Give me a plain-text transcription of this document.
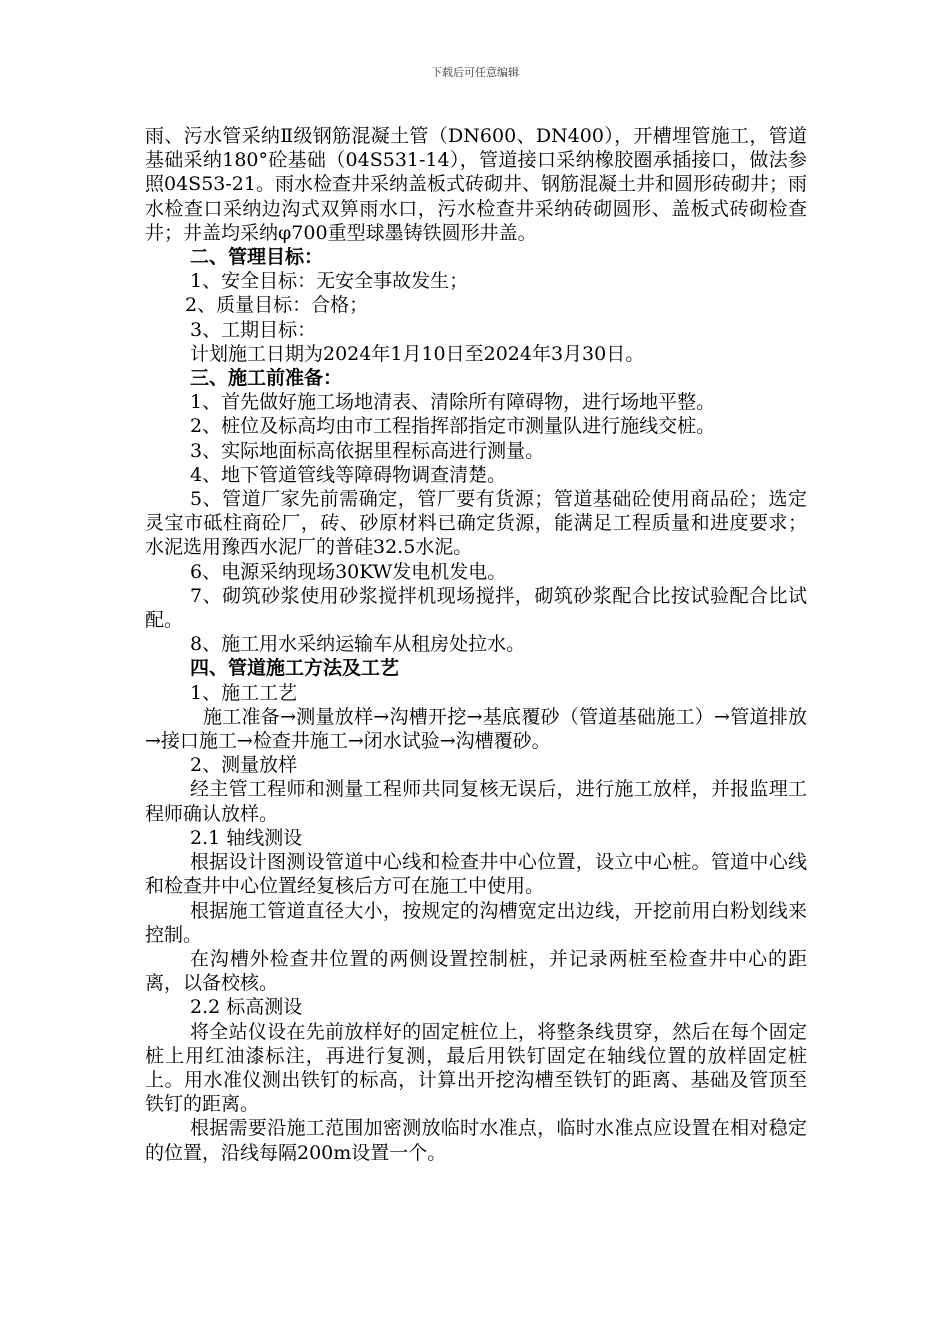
下载后可任意编辑

雨、污水管采纳Ⅱ级钢筋混凝土管（DN600、DN400），开槽埋管施工，管道基础采纳180°砼基础（04S531-14），管道接口采纳橡胶圈承插接口，做法参照04S53-21。雨水检查井采纳盖板式砖砌井、钢筋混凝土井和圆形砖砌井；雨水检查口采纳边沟式双箅雨水口，污水检查井采纳砖砌圆形、盖板式砖砌检查井；井盖均采纳φ700重型球墨铸铁圆形井盖。

二、管理目标：

1、安全目标：无安全事故发生；

2、质量目标：合格；

3、工期目标：

计划施工日期为2024年1月10日至2024年3月30日。

三、施工前准备：

1、首先做好施工场地清表、清除所有障碍物，进行场地平整。

2、桩位及标高均由市工程指挥部指定市测量队进行施线交桩。

3、实际地面标高依据里程标高进行测量。

4、地下管道管线等障碍物调查清楚。

5、管道厂家先前需确定，管厂要有货源；管道基础砼使用商品砼；选定灵宝市砥柱商砼厂，砖、砂原材料已确定货源，能满足工程质量和进度要求；水泥选用豫西水泥厂的普硅32.5水泥。

6、电源采纳现场30KW发电机发电。

7、砌筑砂浆使用砂浆搅拌机现场搅拌，砌筑砂浆配合比按试验配合比试配。

8、施工用水采纳运输车从租房处拉水。

四、管道施工方法及工艺

1、施工工艺

施工准备→测量放样→沟槽开挖→基底覆砂（管道基础施工）→管道排放→接口施工→检查井施工→闭水试验→沟槽覆砂。

2、测量放样

经主管工程师和测量工程师共同复核无误后，进行施工放样，并报监理工程师确认放样。

2.1 轴线测设

根据设计图测设管道中心线和检查井中心位置，设立中心桩。管道中心线和检查井中心位置经复核后方可在施工中使用。

根据施工管道直径大小，按规定的沟槽宽定出边线，开挖前用白粉划线来控制。

在沟槽外检查井位置的两侧设置控制桩，并记录两桩至检查井中心的距离，以备校核。

2.2 标高测设

将全站仪设在先前放样好的固定桩位上，将整条线贯穿，然后在每个固定桩上用红油漆标注，再进行复测，最后用铁钉固定在轴线位置的放样固定桩上。用水准仪测出铁钉的标高，计算出开挖沟槽至铁钉的距离、基础及管顶至铁钉的距离。

根据需要沿施工范围加密测放临时水准点，临时水准点应设置在相对稳定的位置，沿线每隔200m设置一个。
